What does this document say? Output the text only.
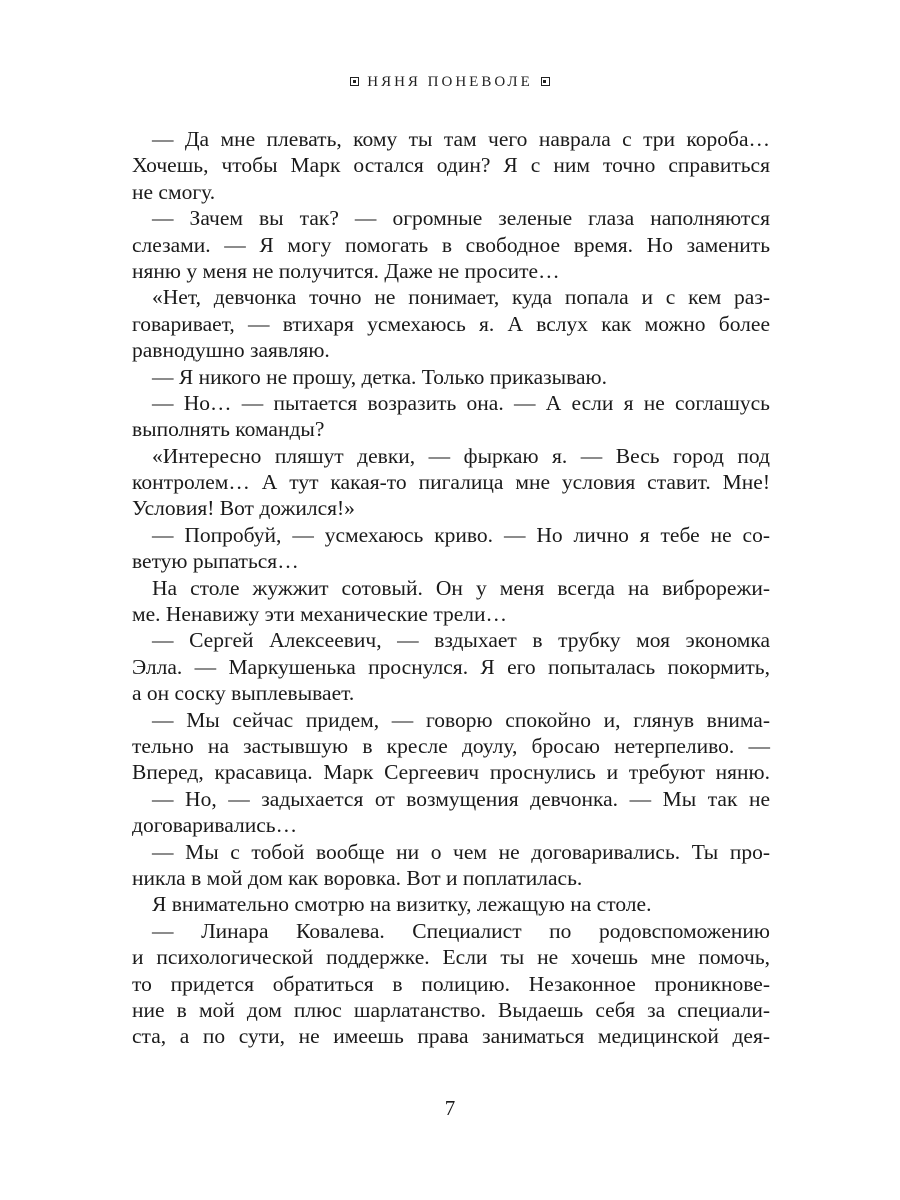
НЯНЯ ПОНЕВОЛЕ
— Да мне плевать, кому ты там чего наврала с три короба…
Хочешь, чтобы Марк остался один? Я с ним точно справиться
не смогу.
— Зачем вы так? — огромные зеленые глаза наполняются
слезами. — Я могу помогать в свободное время. Но заменить
няню у меня не получится. Даже не просите…
«Нет, девчонка точно не понимает, куда попала и с кем раз-
говаривает, — втихаря усмехаюсь я. А вслух как можно более
равнодушно заявляю.
— Я никого не прошу, детка. Только приказываю.
— Но… — пытается возразить она. — А если я не соглашусь
выполнять команды?
«Интересно пляшут девки, — фыркаю я. — Весь город под
контролем… А тут какая-то пигалица мне условия ставит. Мне!
Условия! Вот дожился!»
— Попробуй, — усмехаюсь криво. — Но лично я тебе не со-
ветую рыпаться…
На столе жужжит сотовый. Он у меня всегда на виброрежи-
ме. Ненавижу эти механические трели…
— Сергей Алексеевич, — вздыхает в трубку моя экономка
Элла. — Маркушенька проснулся. Я его попыталась покормить,
а он соску выплевывает.
— Мы сейчас придем, — говорю спокойно и, глянув внима-
тельно на застывшую в кресле доулу, бросаю нетерпеливо. —
Вперед, красавица. Марк Сергеевич проснулись и требуют няню.
— Но, — задыхается от возмущения девчонка. — Мы так не
договаривались…
— Мы с тобой вообще ни о чем не договаривались. Ты про-
никла в мой дом как воровка. Вот и поплатилась.
Я внимательно смотрю на визитку, лежащую на столе.
— Линара Ковалева. Специалист по родовспоможению
и психологической поддержке. Если ты не хочешь мне помочь,
то придется обратиться в полицию. Незаконное проникнове-
ние в мой дом плюс шарлатанство. Выдаешь себя за специали-
ста, а по сути, не имеешь права заниматься медицинской дея-
7
